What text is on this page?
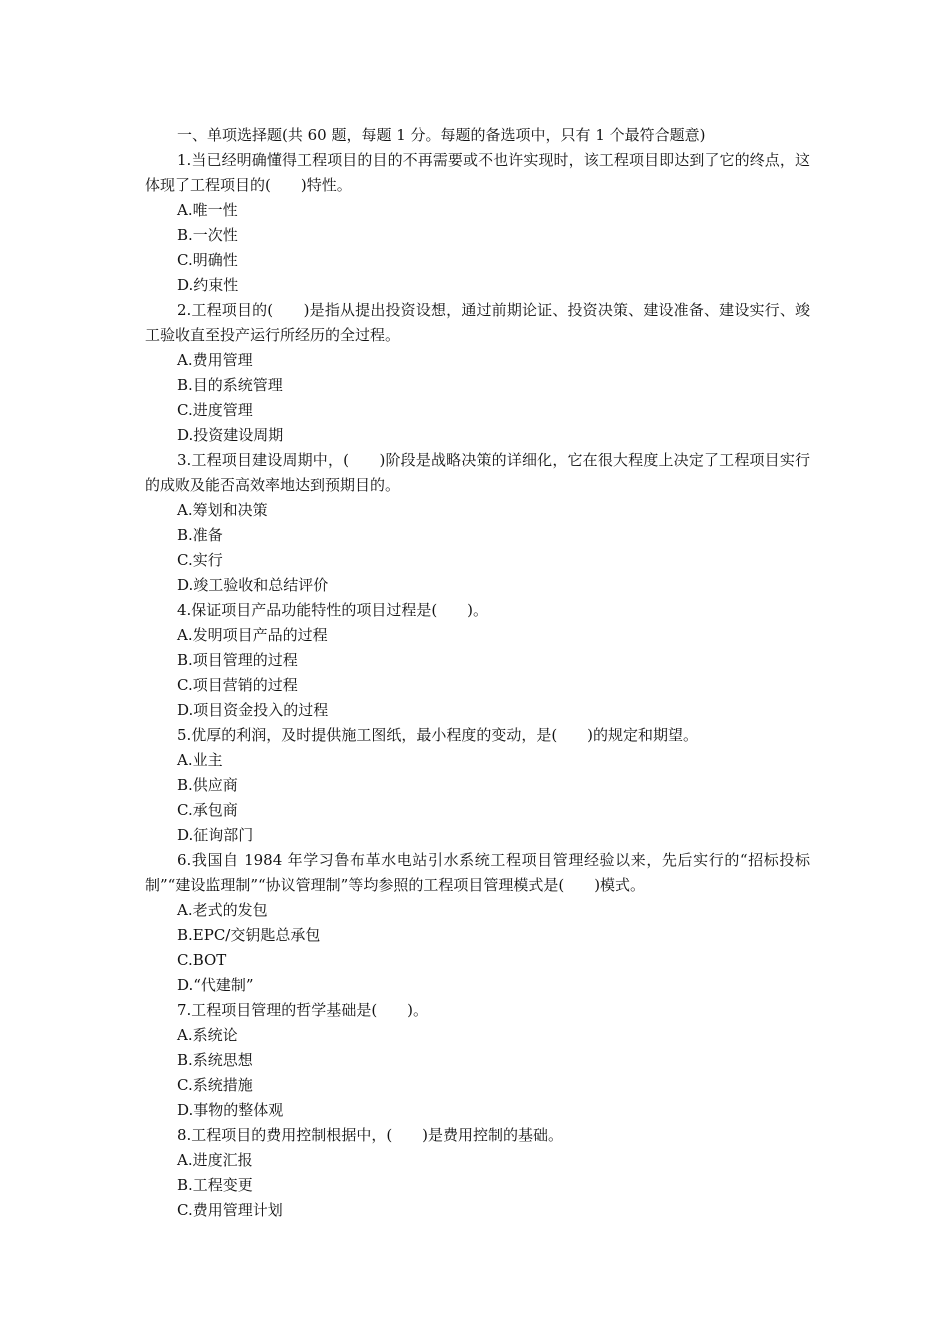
一、单项选择题(共 60 题，每题 1 分。每题的备选项中，只有 1 个最符合题意)

1.当已经明确懂得工程项目的目的不再需要或不也许实现时，该工程项目即达到了它的终点，这体现了工程项目的(　　)特性。

A.唯一性

B.一次性

C.明确性

D.约束性

2.工程项目的(　　)是指从提出投资设想，通过前期论证、投资决策、建设准备、建设实行、竣工验收直至投产运行所经历的全过程。

A.费用管理

B.目的系统管理

C.进度管理

D.投资建设周期

3.工程项目建设周期中，(　　)阶段是战略决策的详细化，它在很大程度上决定了工程项目实行的成败及能否高效率地达到预期目的。

A.筹划和决策

B.准备

C.实行

D.竣工验收和总结评价

4.保证项目产品功能特性的项目过程是(　　)。

A.发明项目产品的过程

B.项目管理的过程

C.项目营销的过程

D.项目资金投入的过程

5.优厚的利润，及时提供施工图纸，最小程度的变动，是(　　)的规定和期望。

A.业主

B.供应商

C.承包商

D.征询部门

6.我国自 1984 年学习鲁布革水电站引水系统工程项目管理经验以来，先后实行的“招标投标制”“建设监理制”“协议管理制”等均参照的工程项目管理模式是(　　)模式。

A.老式的发包

B.EPC/交钥匙总承包

C.BOT

D.“代建制”

7.工程项目管理的哲学基础是(　　)。

A.系统论

B.系统思想

C.系统措施

D.事物的整体观

8.工程项目的费用控制根据中，(　　)是费用控制的基础。

A.进度汇报

B.工程变更

C.费用管理计划
